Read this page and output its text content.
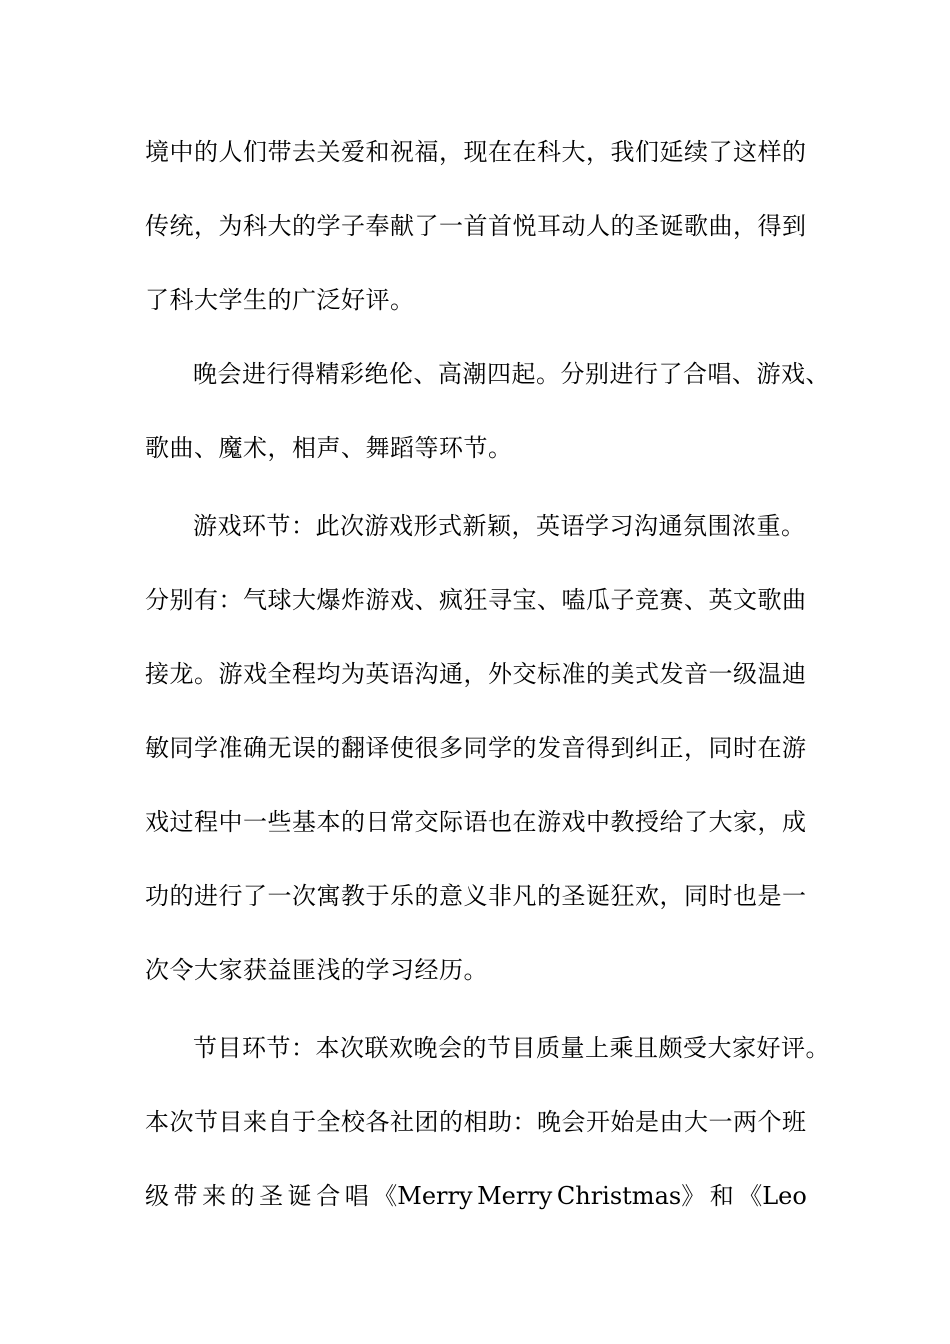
境中的人们带去关爱和祝福，现在在科大，我们延续了这样的
传统，为科大的学子奉献了一首首悦耳动人的圣诞歌曲，得到
了科大学生的广泛好评。
晚会进行得精彩绝伦、高潮四起。分别进行了合唱、游戏、
歌曲、魔术，相声、舞蹈等环节。
游戏环节：此次游戏形式新颖，英语学习沟通氛围浓重。
分别有：气球大爆炸游戏、疯狂寻宝、嗑瓜子竞赛、英文歌曲
接龙。游戏全程均为英语沟通，外交标准的美式发音一级温迪
敏同学准确无误的翻译使很多同学的发音得到纠正，同时在游
戏过程中一些基本的日常交际语也在游戏中教授给了大家，成
功的进行了一次寓教于乐的意义非凡的圣诞狂欢，同时也是一
次令大家获益匪浅的学习经历。
节目环节：本次联欢晚会的节目质量上乘且颇受大家好评。
本次节目来自于全校各社团的相助：晚会开始是由大一两个班
级 带 来 的 圣 诞 合 唱 《Merry Merry Christmas》 和 《Leo
